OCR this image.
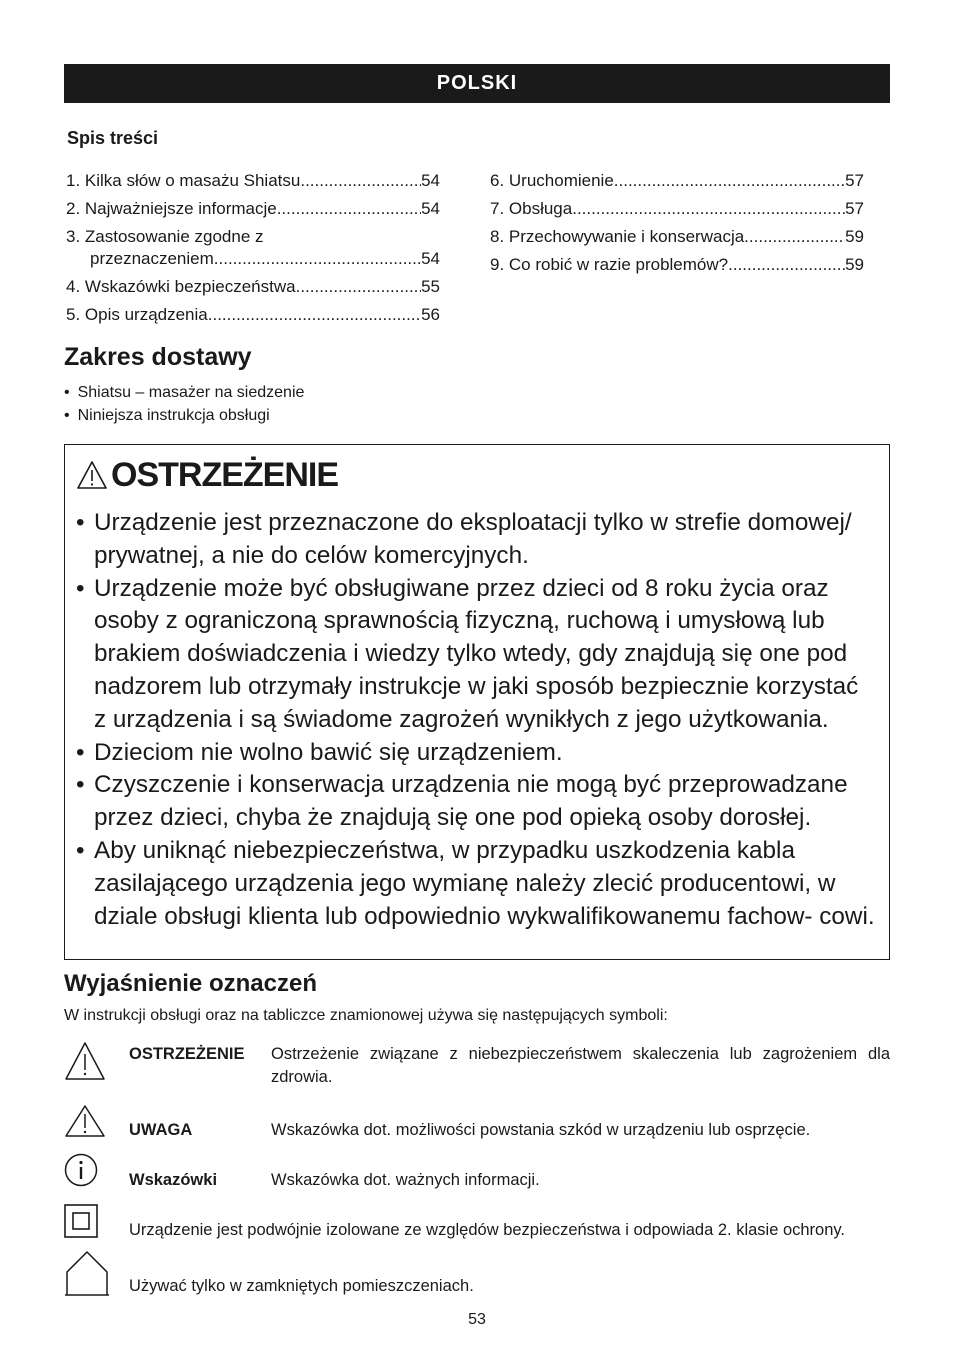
POLSKI
Spis treści
1. Kilka słów o masażu Shiatsu .....	54
2. Najważniejsze informacje .....	54
3. Zastosowanie zgodne z
przeznaczeniem .....	54
4. Wskazówki bezpieczeństwa .....	55
5. Opis urządzenia .....	56
6. Uruchomienie .....	57
7. Obsługa .....	57
8. Przechowywanie i konserwacja .....	59
9. Co robić w razie problemów? .....	59
Zakres dostawy
• Shiatsu – masażer na siedzenie
• Niniejsza instrukcja obsługi
OSTRZEŻENIE
• Urządzenie jest przeznaczone do eksploatacji tylko w strefie domowej/ prywatnej, a nie do celów komercyjnych.
• Urządzenie może być obsługiwane przez dzieci od 8 roku życia oraz osoby z ograniczoną sprawnością fizyczną, ruchową i umysłową lub brakiem doświadczenia i wiedzy tylko wtedy, gdy znajdują się one pod nadzorem lub otrzymały instrukcje w jaki sposób bezpiecznie korzystać z urządzenia i są świadome zagrożeń wynikłych z jego użytkowania.
• Dzieciom nie wolno bawić się urządzeniem.
• Czyszczenie i konserwacja urządzenia nie mogą być przeprowadzane przez dzieci, chyba że znajdują się one pod opieką osoby dorosłej.
• Aby uniknąć niebezpieczeństwa, w przypadku uszkodzenia kabla zasilającego urządzenia jego wymianę należy zlecić producentowi, w dziale obsługi klienta lub odpowiednio wykwalifikowanemu fachow- cowi.
Wyjaśnienie oznaczeń
W instrukcji obsługi oraz na tabliczce znamionowej używa się następujących symboli:
OSTRZEŻENIE Ostrzeżenie związane z niebezpieczeństwem skaleczenia lub zagrożeniem dla zdrowia.
UWAGA	Wskazówka dot. możliwości powstania szkód w urządzeniu lub osprzęcie.
Wskazówki	Wskazówka dot. ważnych informacji.
Urządzenie jest podwójnie izolowane ze względów bezpieczeństwa i odpowiada 2. klasie ochrony.
Używać tylko w zamkniętych pomieszczeniach.
53
